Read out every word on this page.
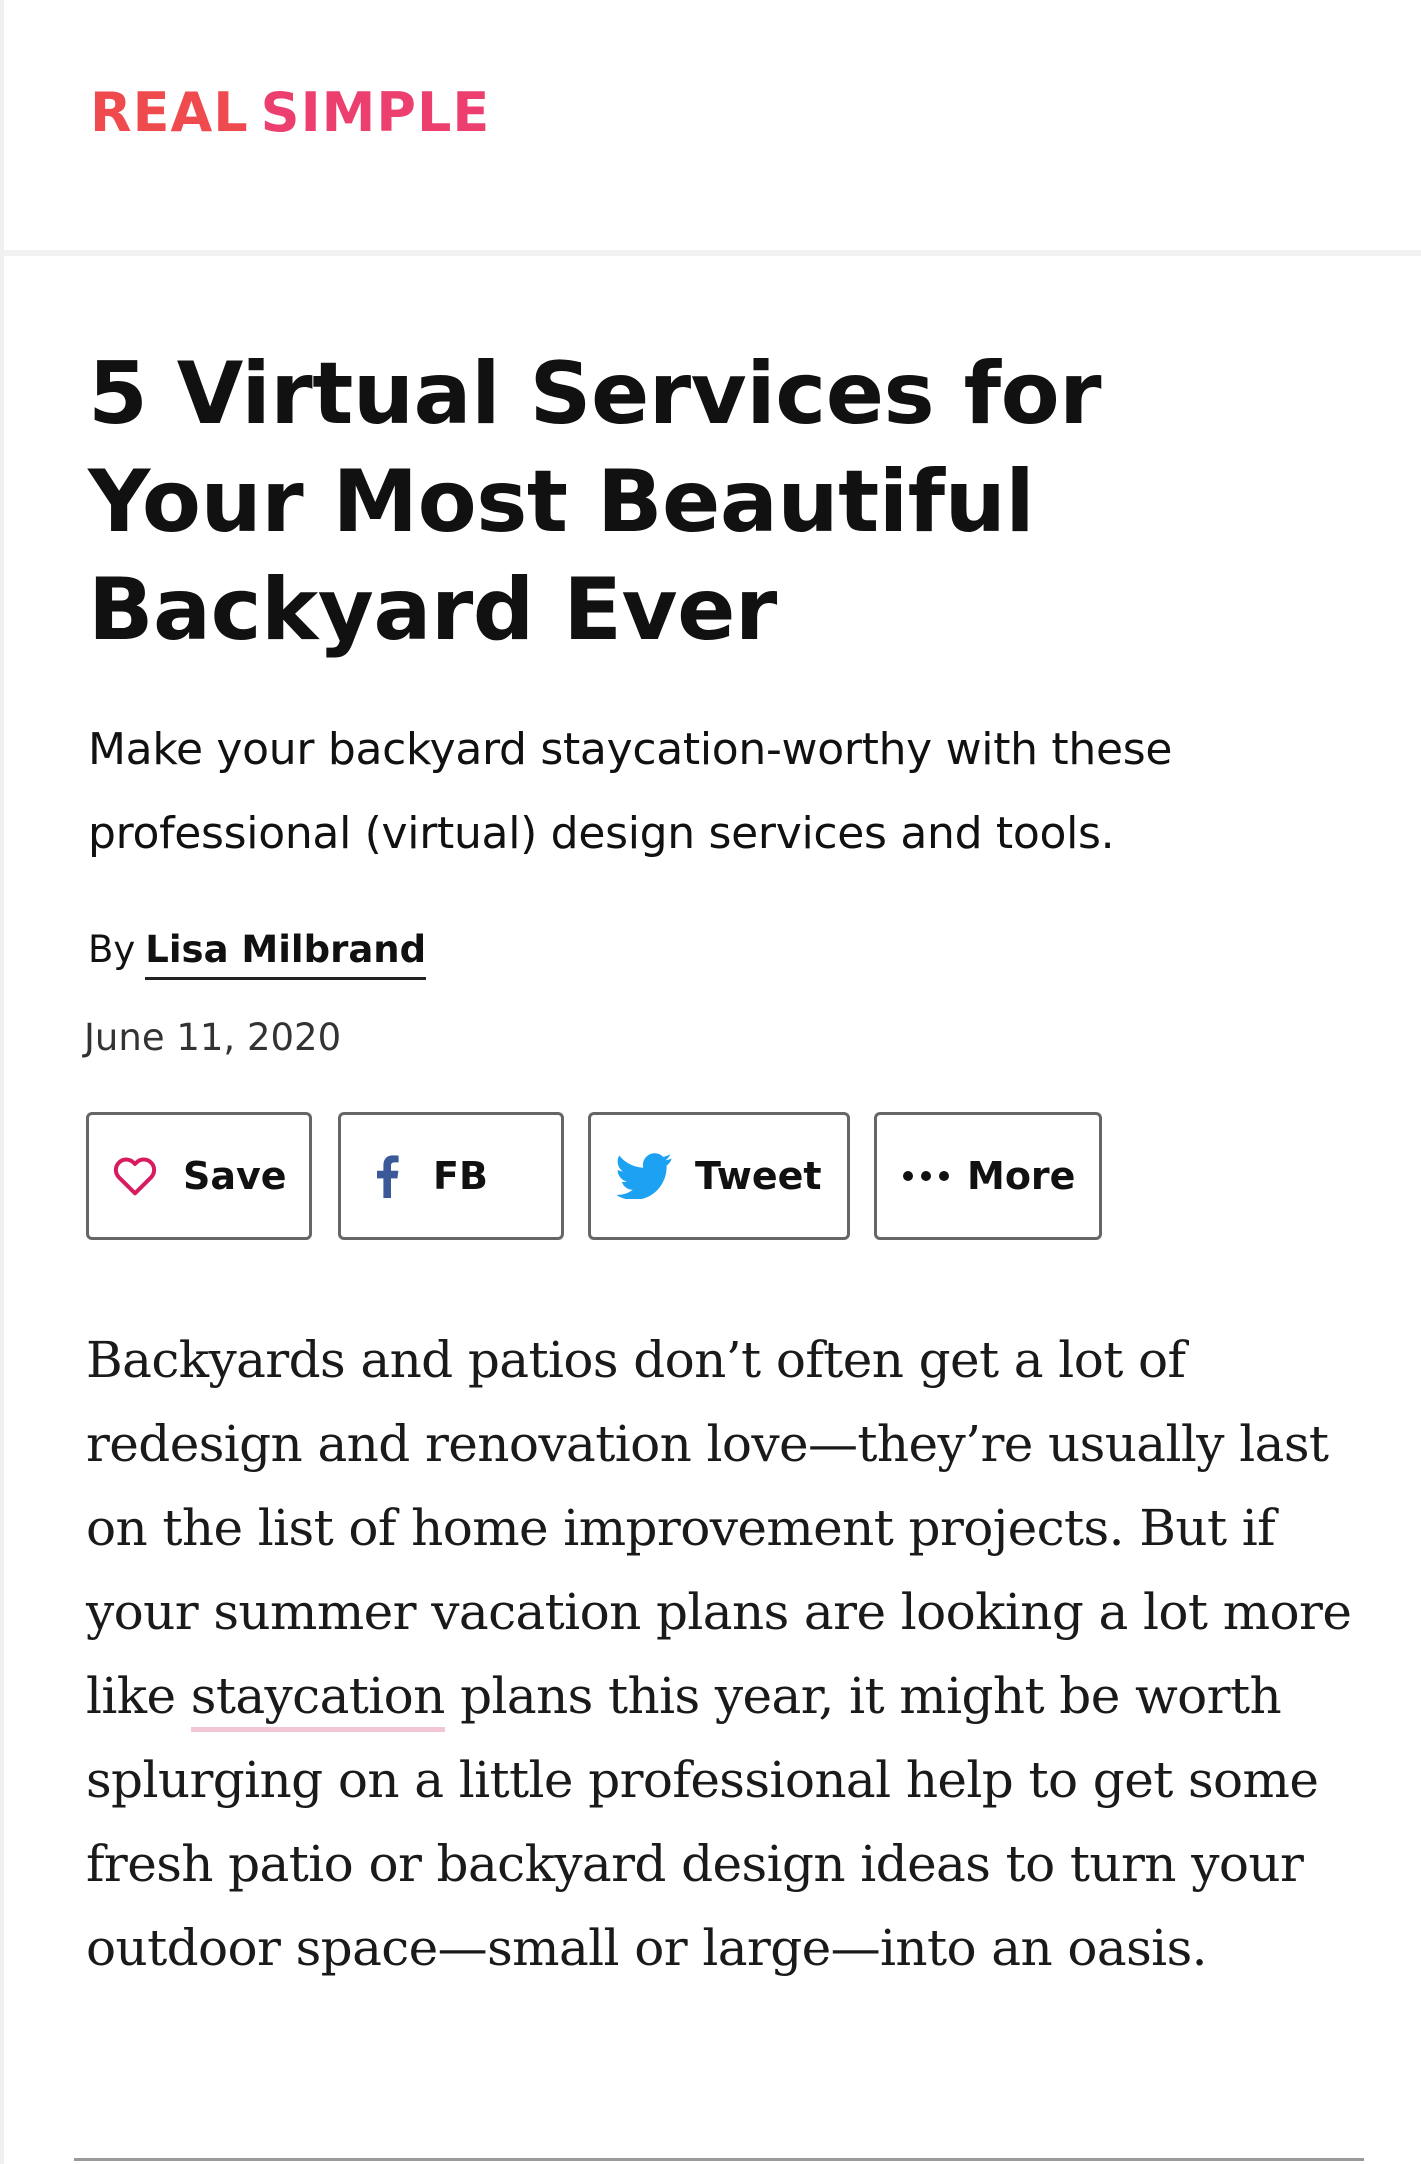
REAL SIMPLE
5 Virtual Services for Your Most Beautiful Backyard Ever

Make your backyard staycation-worthy with these professional (virtual) design services and tools.

By Lisa Milbrand
June 11, 2020
Save	FB	Tweet	More

Backyards and patios don’t often get a lot of redesign and renovation love—they’re usually last on the list of home improvement projects. But if your summer vacation plans are looking a lot more like staycation plans this year, it might be worth splurging on a little professional help to get some fresh patio or backyard design ideas to turn your outdoor space—small or large—into an oasis.
